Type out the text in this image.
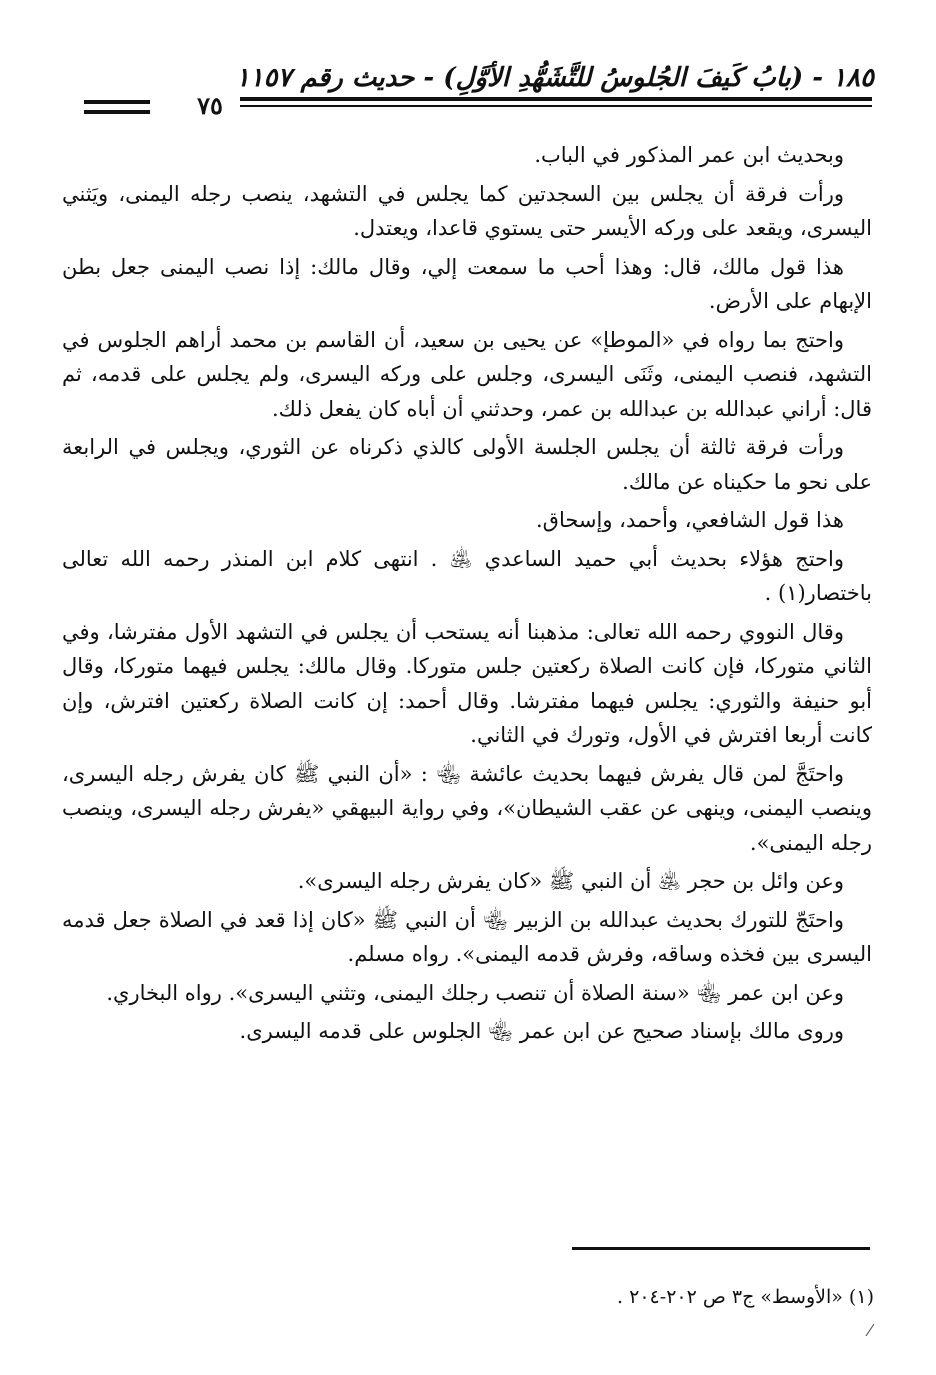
١٨٥ - (بابُ كَيفَ الجُلوسُ للتَّشَهُّدِ الأوَّلِ) - حديث رقم ١١٥٧
٧٥

وبحديث ابن عمر المذكور في الباب.

ورأت فرقة أن يجلس بين السجدتين كما يجلس في التشهد، ينصب رجله اليمنى، ويَثني اليسرى، ويقعد على وركه الأيسر حتى يستوي قاعدا، ويعتدل.

هذا قول مالك، قال: وهذا أحب ما سمعت إلي، وقال مالك: إذا نصب اليمنى جعل بطن الإبهام على الأرض.

واحتج بما رواه في «الموطإ» عن يحيى بن سعيد، أن القاسم بن محمد أراهم الجلوس في التشهد، فنصب اليمنى، وثَنَى اليسرى، وجلس على وركه اليسرى، ولم يجلس على قدمه، ثم قال: أراني عبدالله بن عبدالله بن عمر، وحدثني أن أباه كان يفعل ذلك.

ورأت فرقة ثالثة أن يجلس الجلسة الأولى كالذي ذكرناه عن الثوري، ويجلس في الرابعة على نحو ما حكيناه عن مالك.

هذا قول الشافعي، وأحمد، وإسحاق.

واحتج هؤلاء بحديث أبي حميد الساعدي ﵁ . انتهى كلام ابن المنذر رحمه الله تعالى باختصار(١) .

وقال النووي رحمه الله تعالى: مذهبنا أنه يستحب أن يجلس في التشهد الأول مفترشا، وفي الثاني متوركا، فإن كانت الصلاة ركعتين جلس متوركا. وقال مالك: يجلس فيهما متوركا، وقال أبو حنيفة والثوري: يجلس فيهما مفترشا. وقال أحمد: إن كانت الصلاة ركعتين افترش، وإن كانت أربعا افترش في الأول، وتورك في الثاني.

واحتَجَّ لمن قال يفرش فيهما بحديث عائشة ﵄ : «أن النبي ﷺ كان يفرش رجله اليسرى، وينصب اليمنى، وينهى عن عقب الشيطان»، وفي رواية البيهقي «يفرش رجله اليسرى، وينصب رجله اليمنى».

وعن وائل بن حجر ﵁ أن النبي ﷺ «كان يفرش رجله اليسرى».

واحتَجّ للتورك بحديث عبدالله بن الزبير ﵄ أن النبي ﷺ «كان إذا قعد في الصلاة جعل قدمه اليسرى بين فخذه وساقه، وفرش قدمه اليمنى». رواه مسلم.

وعن ابن عمر ﵄ «سنة الصلاة أن تنصب رجلك اليمنى، وتثني اليسرى». رواه البخاري.

وروى مالك بإسناد صحيح عن ابن عمر ﵄ الجلوس على قدمه اليسرى.

(١) «الأوسط» ج٣ ص ٢٠٢-٢٠٤ .
